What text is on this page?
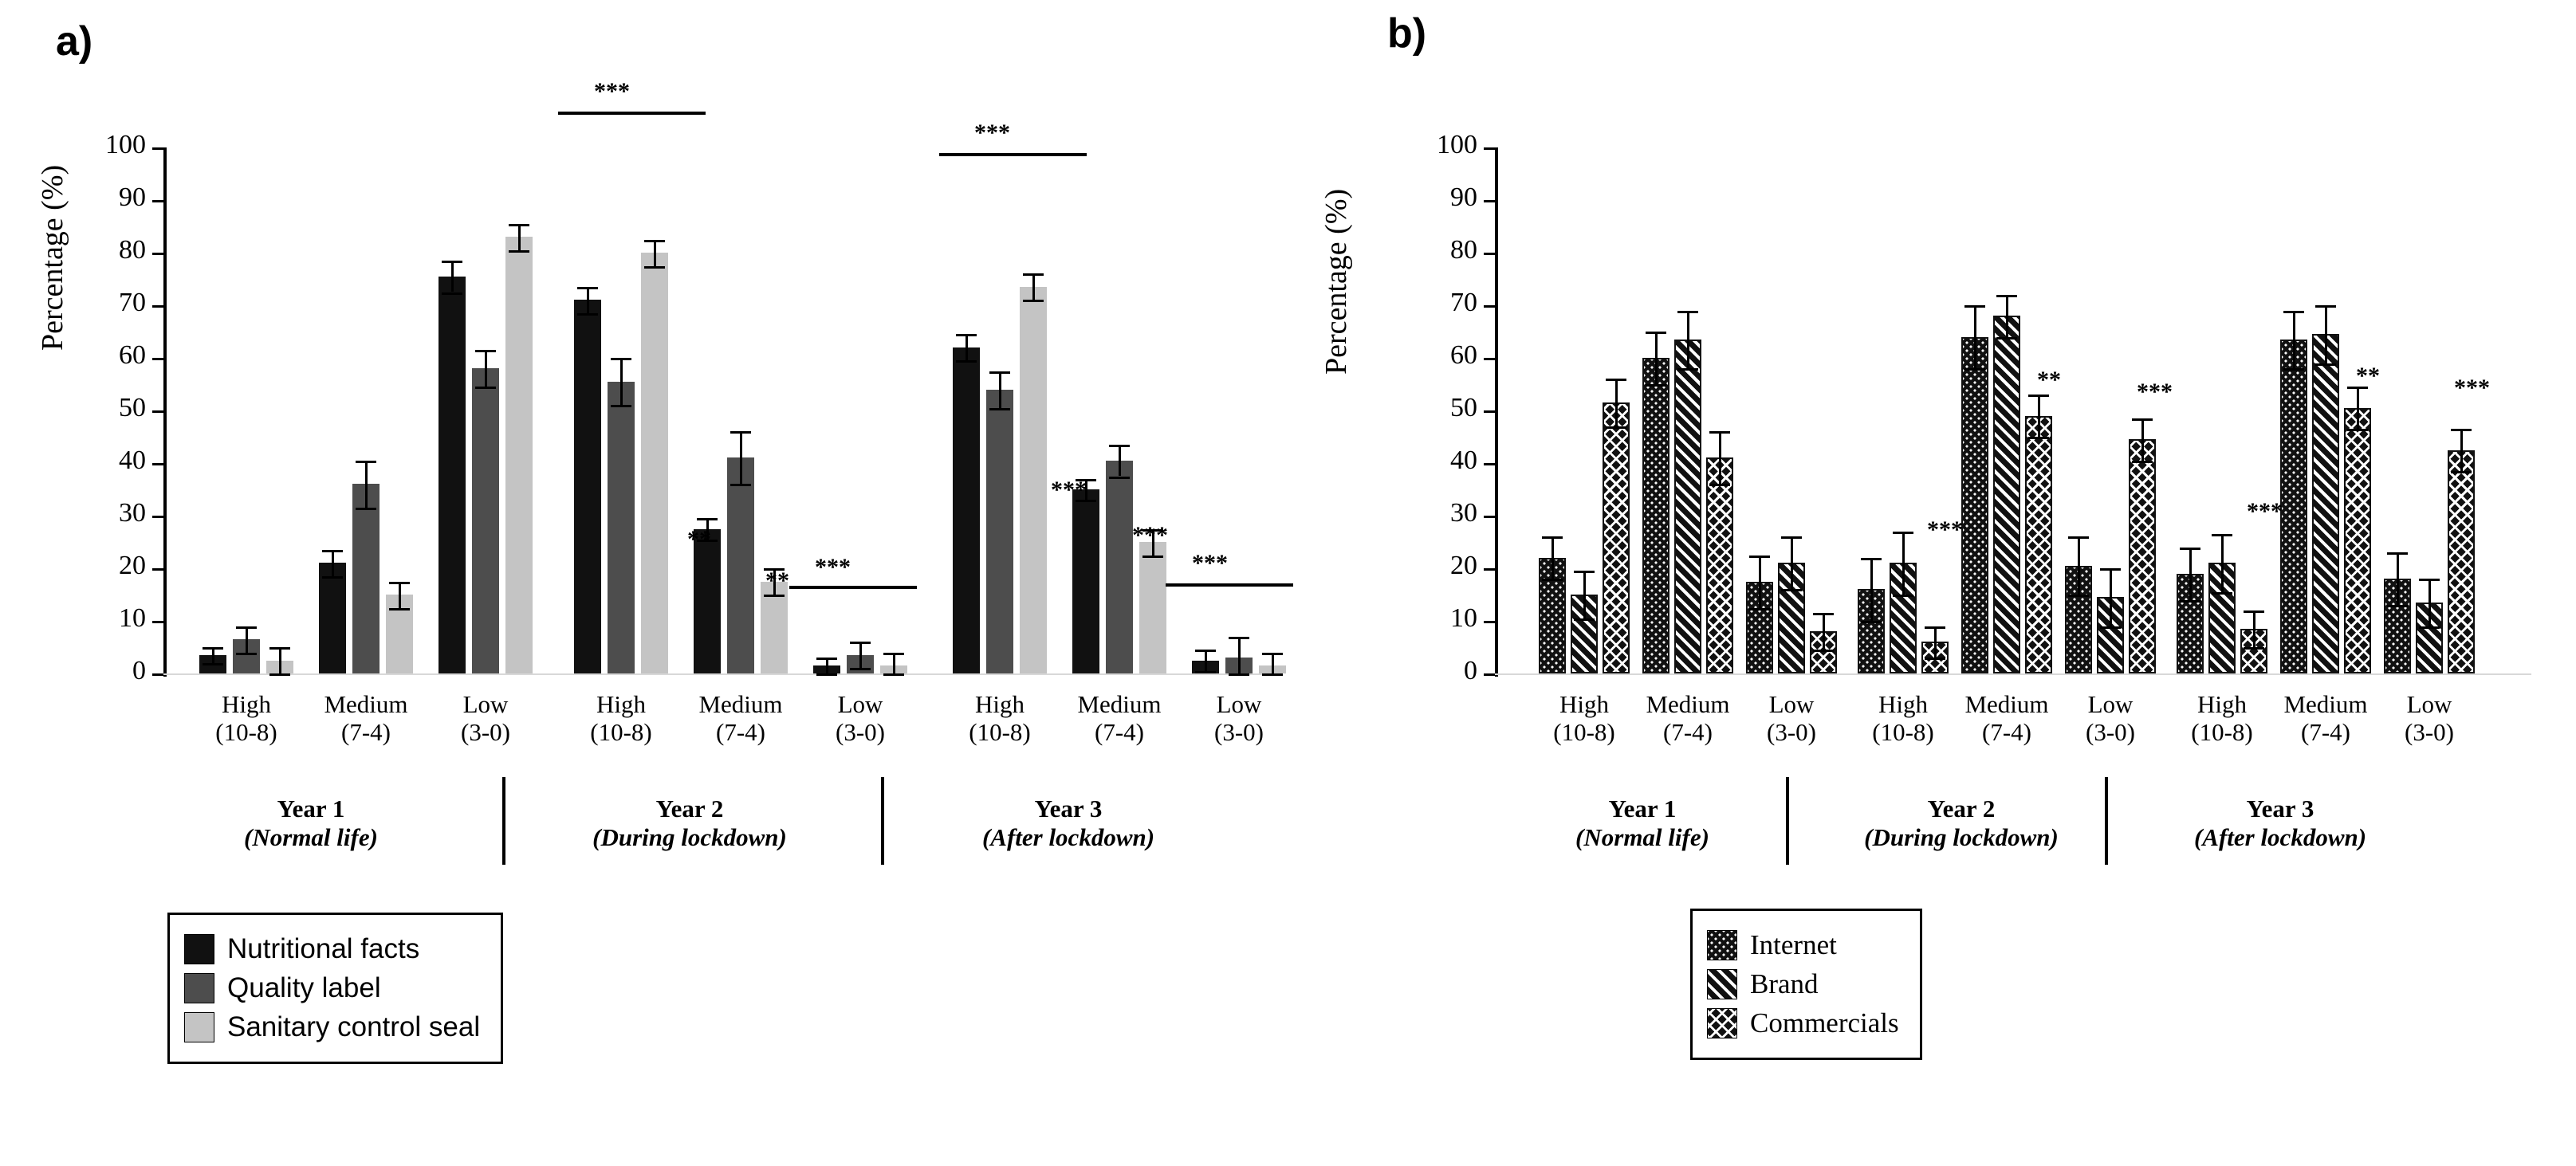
a)
Percentage (%)
0
10
20
30
40
50
60
70
80
90
100
High
(10-8)
Medium
(7-4)
Low
(3-0)
High
(10-8)
Medium
(7-4)
Low
(3-0)
High
(10-8)
Medium
(7-4)
Low
(3-0)
Year 1
(Normal life)
Year 2
(During lockdown)
Year 3
(After lockdown)
***
**
**
***
***
***
***
***
Nutritional facts
Quality label
Sanitary control seal
b)
Percentage (%)
0
10
20
30
40
50
60
70
80
90
100
High
(10-8)
Medium
(7-4)
Low
(3-0)
High
(10-8)
Medium
(7-4)
Low
(3-0)
High
(10-8)
Medium
(7-4)
Low
(3-0)
Year 1
(Normal life)
Year 2
(During lockdown)
Year 3
(After lockdown)
***
**	***
***
**	***
Internet
Brand
Commercials
